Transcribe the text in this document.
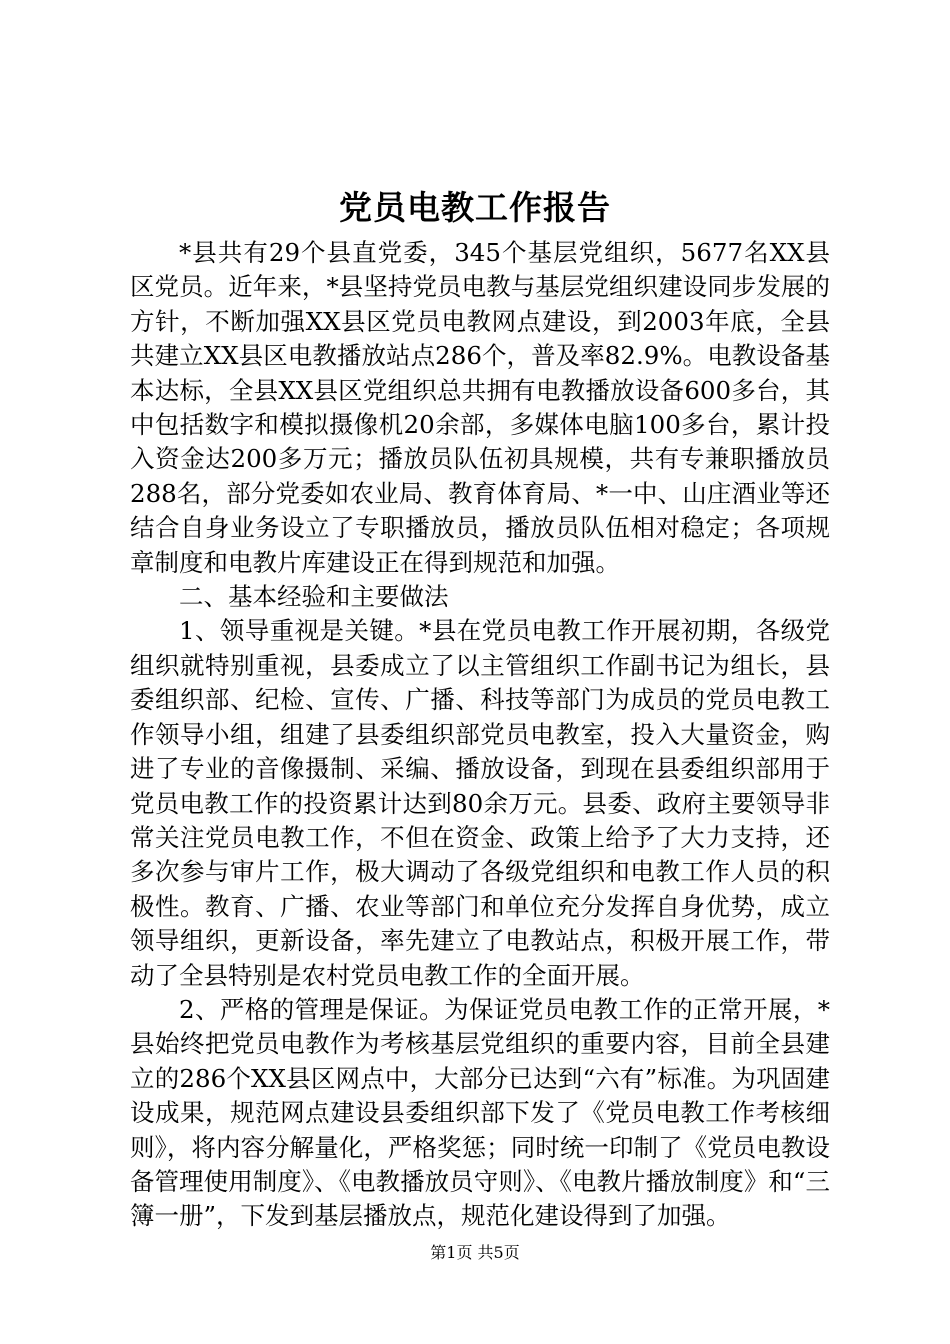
党员电教工作报告

*县共有29个县直党委，345个基层党组织，5677名XX县区党员。近年来，*县坚持党员电教与基层党组织建设同步发展的方针，不断加强XX县区党员电教网点建设，到2003年底，全县共建立XX县区电教播放站点286个，普及率82.9%。电教设备基本达标，全县XX县区党组织总共拥有电教播放设备600多台，其中包括数字和模拟摄像机20余部，多媒体电脑100多台，累计投入资金达200多万元；播放员队伍初具规模，共有专兼职播放员288名，部分党委如农业局、教育体育局、*一中、山庄酒业等还结合自身业务设立了专职播放员，播放员队伍相对稳定；各项规章制度和电教片库建设正在得到规范和加强。

二、基本经验和主要做法

1、领导重视是关键。*县在党员电教工作开展初期，各级党组织就特别重视，县委成立了以主管组织工作副书记为组长，县委组织部、纪检、宣传、广播、科技等部门为成员的党员电教工作领导小组，组建了县委组织部党员电教室，投入大量资金，购进了专业的音像摄制、采编、播放设备，到现在县委组织部用于党员电教工作的投资累计达到80余万元。县委、政府主要领导非常关注党员电教工作，不但在资金、政策上给予了大力支持，还多次参与审片工作，极大调动了各级党组织和电教工作人员的积极性。教育、广播、农业等部门和单位充分发挥自身优势，成立领导组织，更新设备，率先建立了电教站点，积极开展工作，带动了全县特别是农村党员电教工作的全面开展。

2、严格的管理是保证。为保证党员电教工作的正常开展，*县始终把党员电教作为考核基层党组织的重要内容，目前全县建立的286个XX县区网点中，大部分已达到“六有”标准。为巩固建设成果，规范网点建设县委组织部下发了《党员电教工作考核细则》，将内容分解量化，严格奖惩；同时统一印制了《党员电教设备管理使用制度》、《电教播放员守则》、《电教片播放制度》和“三簿一册”，下发到基层播放点，规范化建设得到了加强。

第1页 共5页
